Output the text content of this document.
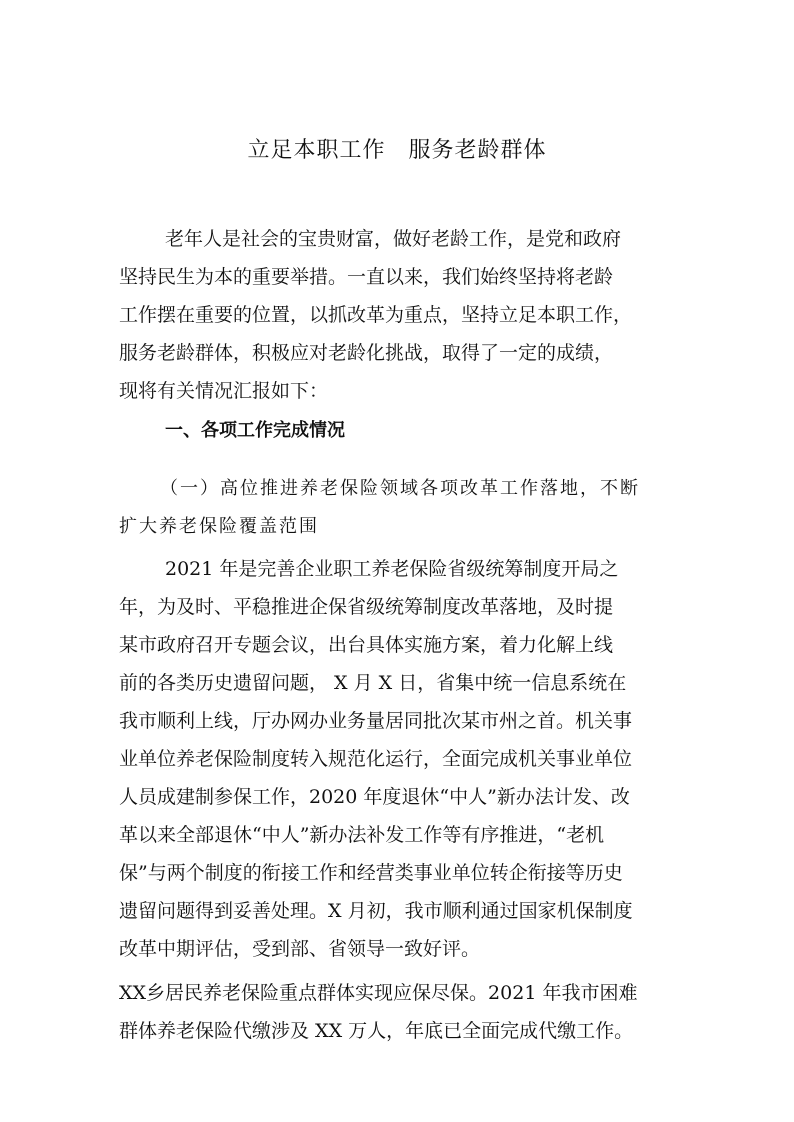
立足本职工作　服务老龄群体
老年人是社会的宝贵财富，做好老龄工作，是党和政府
坚持民生为本的重要举措。一直以来，我们始终坚持将老龄
工作摆在重要的位置，以抓改革为重点，坚持立足本职工作，
服务老龄群体，积极应对老龄化挑战，取得了一定的成绩，
现将有关情况汇报如下：
一、各项工作完成情况
（一）高位推进养老保险领域各项改革工作落地，不断
扩大养老保险覆盖范围
2021 年是完善企业职工养老保险省级统筹制度开局之
年，为及时、平稳推进企保省级统筹制度改革落地，及时提
某市政府召开专题会议，出台具体实施方案，着力化解上线
前的各类历史遗留问题， X 月 X 日，省集中统一信息系统在
我市顺利上线，厅办网办业务量居同批次某市州之首。机关事
业单位养老保险制度转入规范化运行，全面完成机关事业单位
人员成建制参保工作，2020 年度退休“中人”新办法计发、改
革以来全部退休“中人”新办法补发工作等有序推进，“老机
保”与两个制度的衔接工作和经营类事业单位转企衔接等历史
遗留问题得到妥善处理。X 月初，我市顺利通过国家机保制度
改革中期评估，受到部、省领导一致好评。
XX乡居民养老保险重点群体实现应保尽保。2021 年我市困难
群体养老保险代缴涉及 XX 万人，年底已全面完成代缴工作。
